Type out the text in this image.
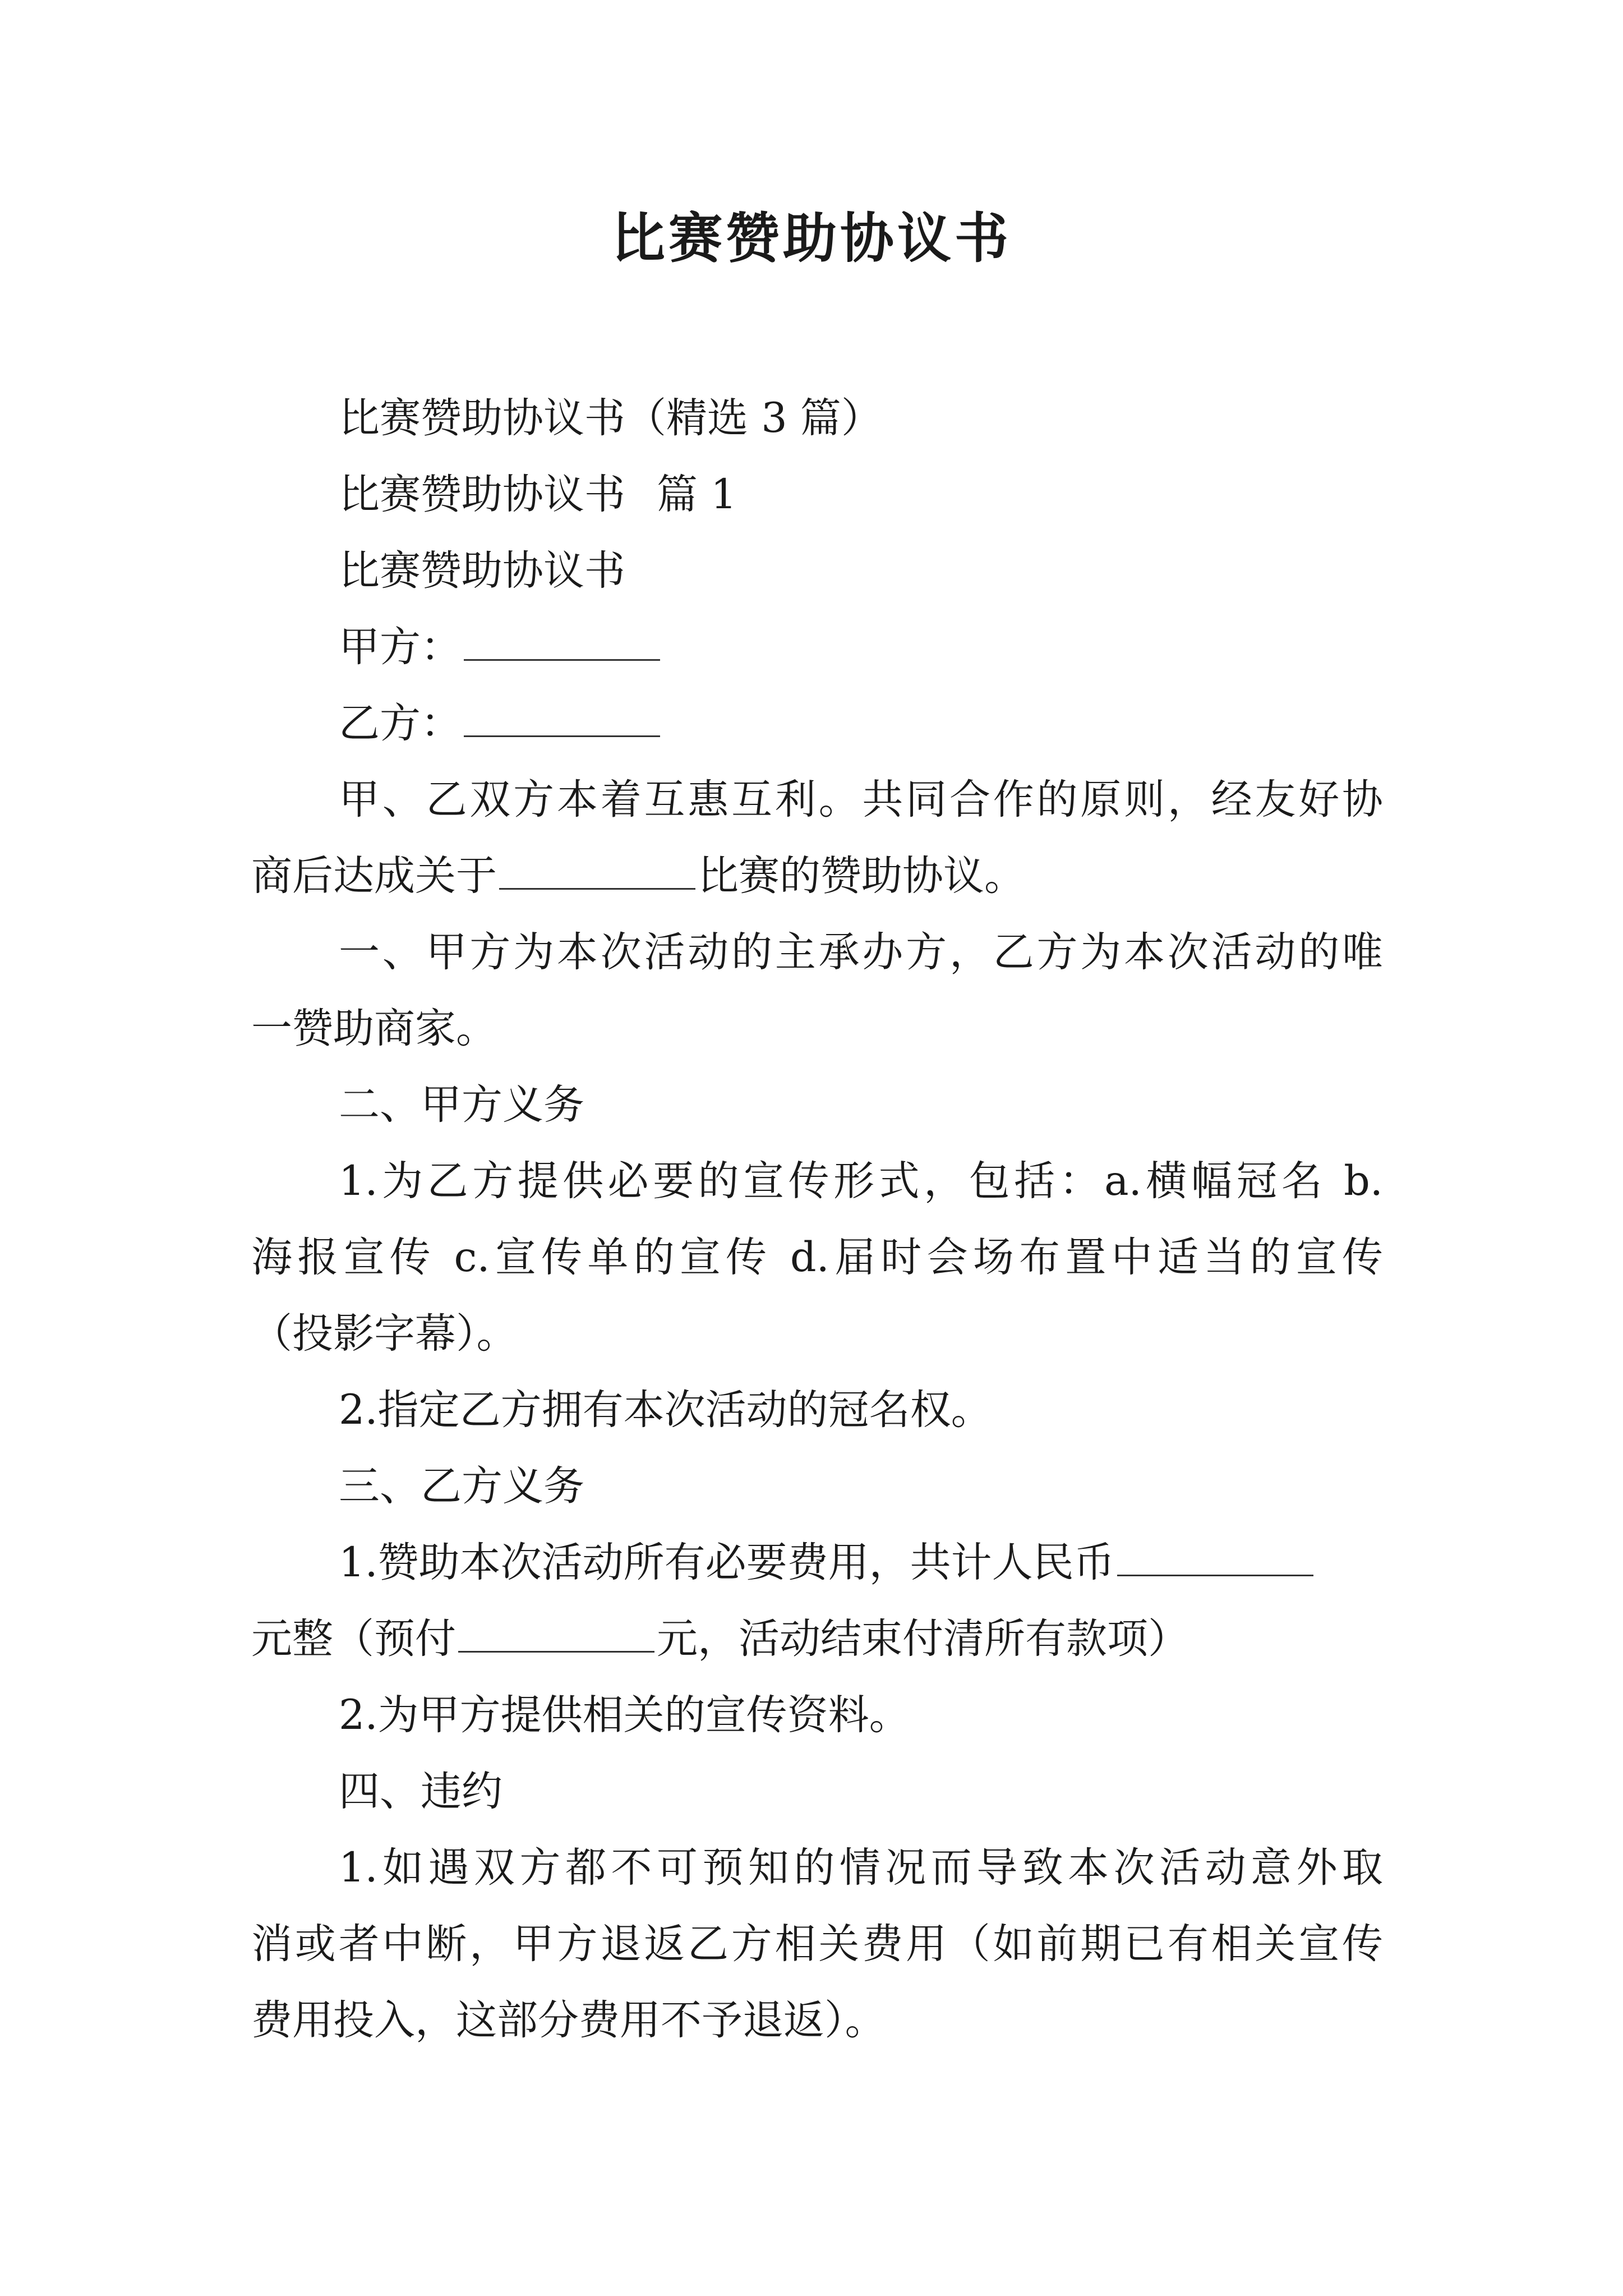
比赛赞助协议书
比赛赞助协议书（精选 3 篇）
比赛赞助协议书 篇 1
比赛赞助协议书
甲方：
乙方：
甲、乙双方本着互惠互利。共同合作的原则，经友好协
商后达成关于	比赛的赞助协议。
一、甲方为本次活动的主承办方，乙方为本次活动的唯
一赞助商家。
二、甲方义务
1.为乙方提供必要的宣传形式，包括：a.横幅冠名 b.
海报宣传 c.宣传单的宣传 d.届时会场布置中适当的宣传
（投影字幕）。
2.指定乙方拥有本次活动的冠名权。
三、乙方义务
1.赞助本次活动所有必要费用，共计人民币
元整（预付	元，活动结束付清所有款项）
2.为甲方提供相关的宣传资料。
四、违约
1.如遇双方都不可预知的情况而导致本次活动意外取
消或者中断，甲方退返乙方相关费用（如前期已有相关宣传
费用投入，这部分费用不予退返）。
